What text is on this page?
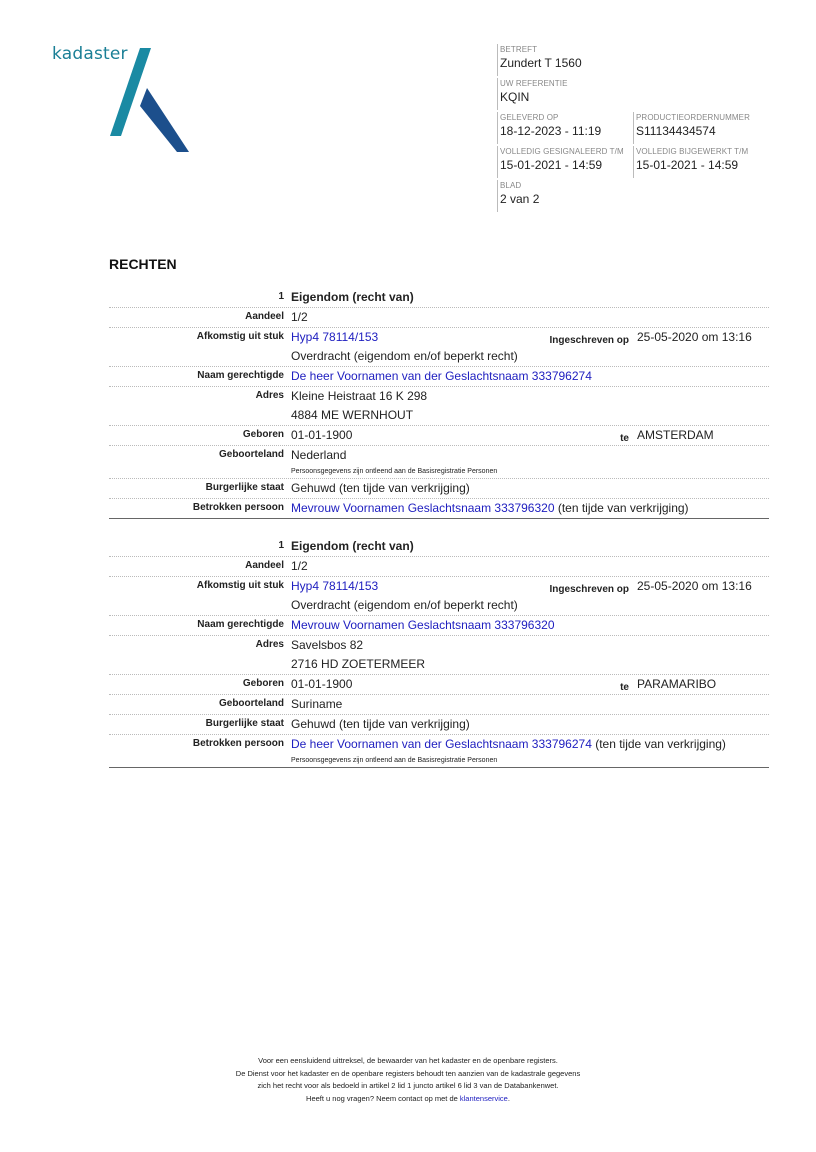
kadaster	BETREFT
Zundert T 1560
UW REFERENTIE
KQIN
GELEVERD OP
18-12-2023 - 11:19
PRODUCTIEORDERNUMMER
S11134434574
VOLLEDIG GESIGNALEERD T/M
15-01-2021 - 14:59
VOLLEDIG BIJGEWERKT T/M
15-01-2021 - 14:59
BLAD
2 van 2
RECHTEN
1 Eigendom (recht van)
Aandeel 1/2
Afkomstig uit stuk Hyp4 78114/153	Ingeschreven op 25-05-2020 om 13:16
Overdracht (eigendom en/of beperkt recht)
Naam gerechtigde De heer Voornamen van der Geslachtsnaam 333796274
Adres Kleine Heistraat 16 K 298
4884 ME WERNHOUT
Geboren 01-01-1900	te AMSTERDAM
Geboorteland Nederland
Persoonsgegevens zijn ontleend aan de Basisregistratie Personen
Burgerlijke staat Gehuwd (ten tijde van verkrijging)
Betrokken persoon Mevrouw Voornamen Geslachtsnaam 333796320 (ten tijde van verkrijging)
1 Eigendom (recht van)
Aandeel 1/2
Afkomstig uit stuk Hyp4 78114/153	Ingeschreven op 25-05-2020 om 13:16
Overdracht (eigendom en/of beperkt recht)
Naam gerechtigde Mevrouw Voornamen Geslachtsnaam 333796320
Adres Savelsbos 82
2716 HD ZOETERMEER
Geboren 01-01-1900	te PARAMARIBO
Geboorteland Suriname
Burgerlijke staat Gehuwd (ten tijde van verkrijging)
Betrokken persoon De heer Voornamen van der Geslachtsnaam 333796274 (ten tijde van verkrijging)
Persoonsgegevens zijn ontleend aan de Basisregistratie Personen
Voor een eensluidend uittreksel, de bewaarder van het kadaster en de openbare registers.
De Dienst voor het kadaster en de openbare registers behoudt ten aanzien van de kadastrale gegevens
zich het recht voor als bedoeld in artikel 2 lid 1 juncto artikel 6 lid 3 van de Databankenwet.
Heeft u nog vragen? Neem contact op met de klantenservice.
